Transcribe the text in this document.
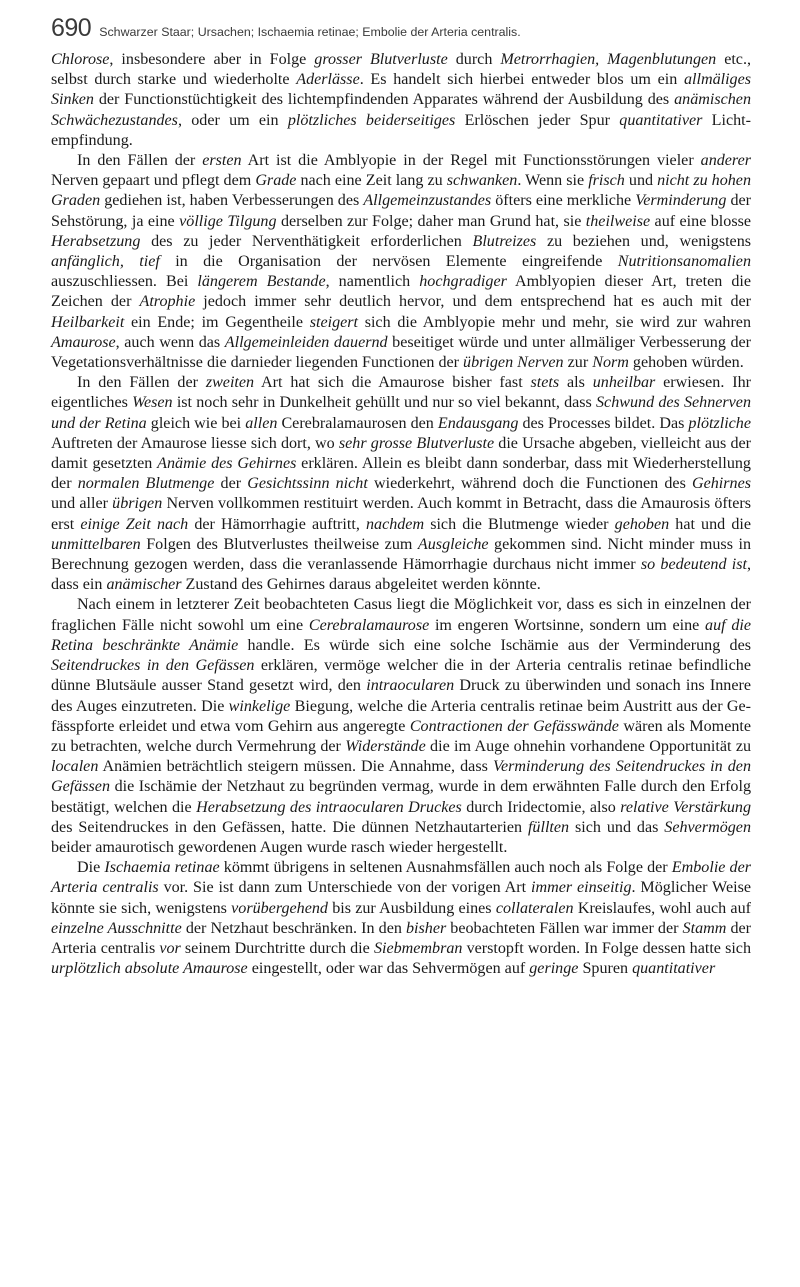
690 Schwarzer Staar; Ursachen; Ischaemia retinae; Embolie der Arteria centralis.

Chlorose, insbesondere aber in Folge grosser Blutverluste durch Metrorrhagien, Magenblutungen etc., selbst durch starke und wiederholte Aderlässe. Es handelt sich hierbei entweder blos um ein allmäliges Sinken der Functionstüchtigkeit des lichtempfindenden Apparates während der Ausbildung des anämischen Schwächezustandes, oder um ein plötzliches beiderseitiges Erlöschen jeder Spur quantitativer Lichtempfindung.

In den Fällen der ersten Art ist die Amblyopie in der Regel mit Functionsstörungen vieler anderer Nerven gepaart und pflegt dem Grade nach eine Zeit lang zu schwanken. Wenn sie frisch und nicht zu hohen Graden gediehen ist, haben Verbesserungen des Allgemeinzustandes öfters eine merkliche Verminderung der Sehstörung, ja eine völlige Tilgung derselben zur Folge; daher man Grund hat, sie theilweise auf eine blosse Herabsetzung des zu jeder Nerventhätigkeit erforderlichen Blutreizes zu beziehen und, wenigstens anfänglich, tief in die Organisation der nervösen Elemente eingreifende Nutritionsanomalien auszuschliessen. Bei längerem Bestande, namentlich hochgradiger Amblyopien dieser Art, treten die Zeichen der Atrophie jedoch immer sehr deutlich hervor, und dem entsprechend hat es auch mit der Heilbarkeit ein Ende; im Gegentheile steigert sich die Amblyopie mehr und mehr, sie wird zur wahren Amaurose, auch wenn das Allgemeinleiden dauernd beseitiget würde und unter allmäliger Verbesserung der Vegetationsverhältnisse die darnieder liegenden Functionen der übrigen Nerven zur Norm gehoben würden.

In den Fällen der zweiten Art hat sich die Amaurose bisher fast stets als unheilbar erwiesen. Ihr eigentliches Wesen ist noch sehr in Dunkelheit gehüllt und nur so viel bekannt, dass Schwund des Sehnerven und der Retina gleich wie bei allen Cerebralamaurosen den Endausgang des Processes bildet. Das plötzliche Auftreten der Amaurose liesse sich dort, wo sehr grosse Blutverluste die Ursache abgeben, vielleicht aus der damit gesetzten Anämie des Gehirnes erklären. Allein es bleibt dann sonderbar, dass mit Wiederherstellung der normalen Blutmenge der Gesichtssinn nicht wiederkehrt, während doch die Functionen des Gehirnes und aller übrigen Nerven vollkommen restituirt werden. Auch kommt in Betracht, dass die Amaurosis öfters erst einige Zeit nach der Hämorrhagie auftritt, nachdem sich die Blutmenge wieder gehoben hat und die unmittelbaren Folgen des Blutverlustes theilweise zum Ausgleiche gekommen sind. Nicht minder muss in Berechnung gezogen werden, dass die veranlassende Hämorrhagie durchaus nicht immer so bedeutend ist, dass ein anämischer Zustand des Gehirnes daraus abgeleitet werden könnte.

Nach einem in letzterer Zeit beobachteten Casus liegt die Möglichkeit vor, dass es sich in einzelnen der fraglichen Fälle nicht sowohl um eine Cerebralamaurose im engeren Wortsinne, sondern um eine auf die Retina beschränkte Anämie handle. Es würde sich eine solche Ischämie aus der Verminderung des Seitendruckes in den Gefässen erklären, vermöge welcher die in der Arteria centralis retinae befindliche dünne Blutsäule ausser Stand gesetzt wird, den intraocularen Druck zu überwinden und sonach ins Innere des Auges einzutreten. Die winkelige Biegung, welche die Arteria centralis retinae beim Austritt aus der Gefässpforte erleidet und etwa vom Gehirn aus angeregte Contractionen der Gefässwände wären als Momente zu betrachten, welche durch Vermehrung der Widerstände die im Auge ohnehin vorhandene Opportunität zu localen Anämien beträchtlich steigern müssen. Die Annahme, dass Verminderung des Seitendruckes in den Gefässen die Ischämie der Netzhaut zu begründen vermag, wurde in dem erwähnten Falle durch den Erfolg bestätigt, welchen die Herabsetzung des intraocularen Druckes durch Iridectomie, also relative Verstärkung des Seitendruckes in den Gefässen, hatte. Die dünnen Netzhautarterien füllten sich und das Sehvermögen beider amaurotisch gewordenen Augen wurde rasch wieder hergestellt.

Die Ischaemia retinae kömmt übrigens in seltenen Ausnahmsfällen auch noch als Folge der Embolie der Arteria centralis vor. Sie ist dann zum Unterschiede von der vorigen Art immer einseitig. Möglicher Weise könnte sie sich, wenigstens vorübergehend bis zur Ausbildung eines collateralen Kreislaufes, wohl auch auf einzelne Ausschnitte der Netzhaut beschränken. In den bisher beobachteten Fällen war immer der Stamm der Arteria centralis vor seinem Durchtritte durch die Siebmembran verstopft worden. In Folge dessen hatte sich urplötzlich absolute Amaurose eingestellt, oder war das Sehvermögen auf geringe Spuren quantitativer
